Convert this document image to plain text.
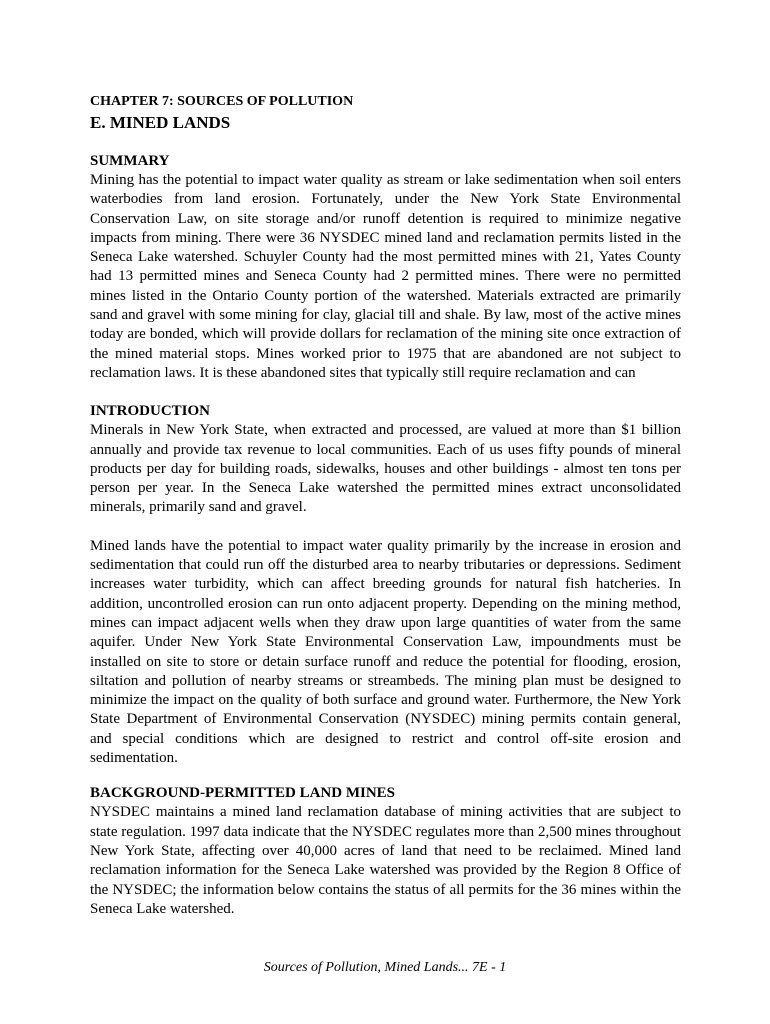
CHAPTER 7: SOURCES OF POLLUTION

E. MINED LANDS

SUMMARY

Mining has the potential to impact water quality as stream or lake sedimentation when soil enters waterbodies from land erosion. Fortunately, under the New York State Environmental Conservation Law, on site storage and/or runoff detention is required to minimize negative impacts from mining. There were 36 NYSDEC mined land and reclamation permits listed in the Seneca Lake watershed. Schuyler County had the most permitted mines with 21, Yates County had 13 permitted mines and Seneca County had 2 permitted mines. There were no permitted mines listed in the Ontario County portion of the watershed. Materials extracted are primarily sand and gravel with some mining for clay, glacial till and shale. By law, most of the active mines today are bonded, which will provide dollars for reclamation of the mining site once extraction of the mined material stops. Mines worked prior to 1975 that are abandoned are not subject to reclamation laws. It is these abandoned sites that typically still require reclamation and can

INTRODUCTION

Minerals in New York State, when extracted and processed, are valued at more than $1 billion annually and provide tax revenue to local communities. Each of us uses fifty pounds of mineral products per day for building roads, sidewalks, houses and other buildings - almost ten tons per person per year. In the Seneca Lake watershed the permitted mines extract unconsolidated minerals, primarily sand and gravel.

Mined lands have the potential to impact water quality primarily by the increase in erosion and sedimentation that could run off the disturbed area to nearby tributaries or depressions. Sediment increases water turbidity, which can affect breeding grounds for natural fish hatcheries. In addition, uncontrolled erosion can run onto adjacent property. Depending on the mining method, mines can impact adjacent wells when they draw upon large quantities of water from the same aquifer. Under New York State Environmental Conservation Law, impoundments must be installed on site to store or detain surface runoff and reduce the potential for flooding, erosion, siltation and pollution of nearby streams or streambeds. The mining plan must be designed to minimize the impact on the quality of both surface and ground water. Furthermore, the New York State Department of Environmental Conservation (NYSDEC) mining permits contain general, and special conditions which are designed to restrict and control off-site erosion and sedimentation.

BACKGROUND-PERMITTED LAND MINES

NYSDEC maintains a mined land reclamation database of mining activities that are subject to state regulation. 1997 data indicate that the NYSDEC regulates more than 2,500 mines throughout New York State, affecting over 40,000 acres of land that need to be reclaimed. Mined land reclamation information for the Seneca Lake watershed was provided by the Region 8 Office of the NYSDEC; the information below contains the status of all permits for the 36 mines within the Seneca Lake watershed.

Sources of Pollution, Mined Lands... 7E - 1
